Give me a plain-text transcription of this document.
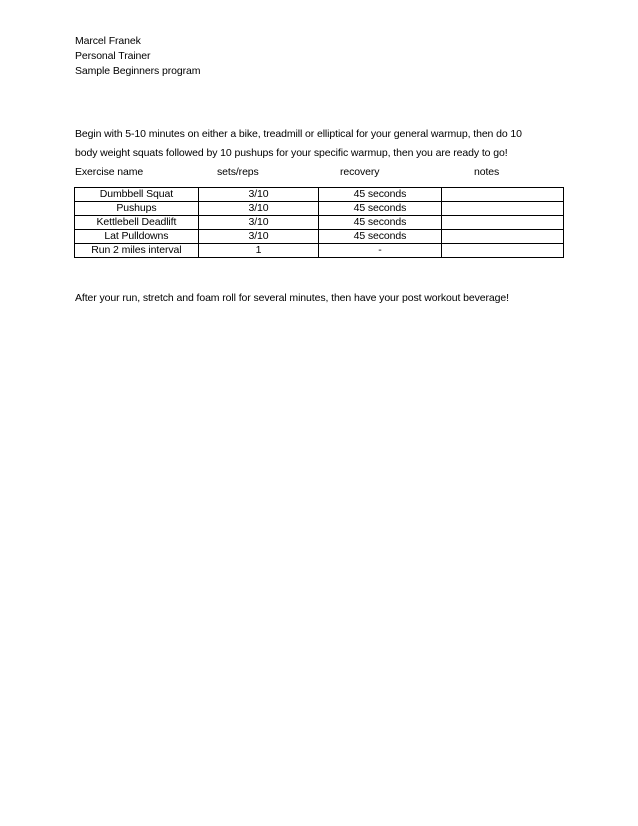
Marcel Franek
Personal Trainer
Sample Beginners program
Begin with 5-10 minutes on either a bike, treadmill or elliptical for your general warmup, then do 10
body weight squats followed by 10 pushups for your specific warmup, then you are ready to go!
Exercise name	sets/reps	recovery	notes
Dumbbell Squat	3/10	45 seconds	
Pushups	3/10	45 seconds	
Kettlebell Deadlift	3/10	45 seconds	
Lat Pulldowns	3/10	45 seconds	
Run 2 miles interval	1	-	
After your run, stretch and foam roll for several minutes, then have your post workout beverage!
